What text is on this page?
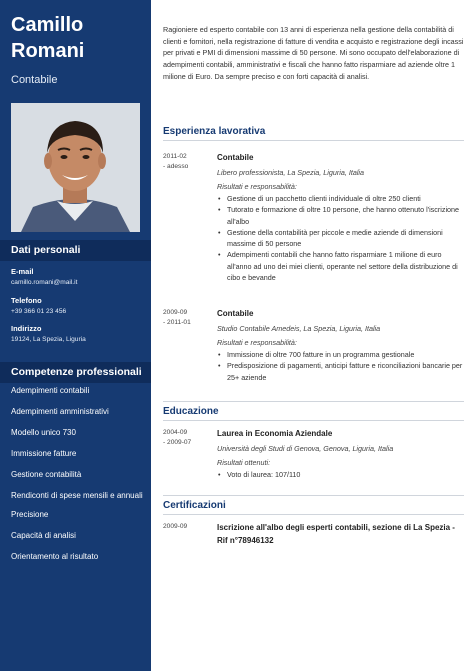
Camillo
Romani
Contabile
Dati personali
E-mail
camillo.romani@mail.it
Telefono
+39 366 01 23 456
Indirizzo
19124, La Spezia, Liguria
Competenze professionali
Adempimenti contabili
Adempimenti amministrativi
Modello unico 730
Immissione fatture
Gestione contabilità
Rendiconti di spese mensili e annuali
Precisione
Capacità di analisi
Orientamento al risultato

Ragioniere ed esperto contabile con 13 anni di esperienza nella gestione della contabilità di clienti e fornitori, nella registrazione di fatture di vendita e acquisto e registrazione degli incassi per privati e PMI di dimensioni massime di 50 persone. Mi sono occupato dell'elaborazione di adempimenti contabili, amministrativi e fiscali che hanno fatto risparmiare ad aziende oltre 1 milione di Euro. Da sempre preciso e con forti capacità di analisi.

Esperienza lavorativa
2011-02
- adesso
Contabile
Libero professionista, La Spezia, Liguria, Italia
Risultati e responsabilità:
• Gestione di un pacchetto clienti individuale di oltre 250 clienti
• Tutorato e formazione di oltre 10 persone, che hanno ottenuto l'iscrizione all'albo
• Gestione della contabilità per piccole e medie aziende di dimensioni massime di 50 persone
• Adempimenti contabili che hanno fatto risparmiare 1 milione di euro all'anno ad uno dei miei clienti, operante nel settore della distribuzione di cibo e bevande
2009-09
- 2011-01
Contabile
Studio Contabile Amedeis, La Spezia, Liguria, Italia
Risultati e responsabilità:
• Immissione di oltre 700 fatture in un programma gestionale
• Predisposizione di pagamenti, anticipi fatture e riconciliazioni bancarie per 25+ aziende
Educazione
2004-09
- 2009-07
Laurea in Economia Aziendale
Università degli Studi di Genova, Genova, Liguria, Italia
Risultati ottenuti:
• Voto di laurea: 107/110
Certificazioni
2009-09	Iscrizione all'albo degli esperti contabili, sezione di La Spezia - Rif n°78946132
